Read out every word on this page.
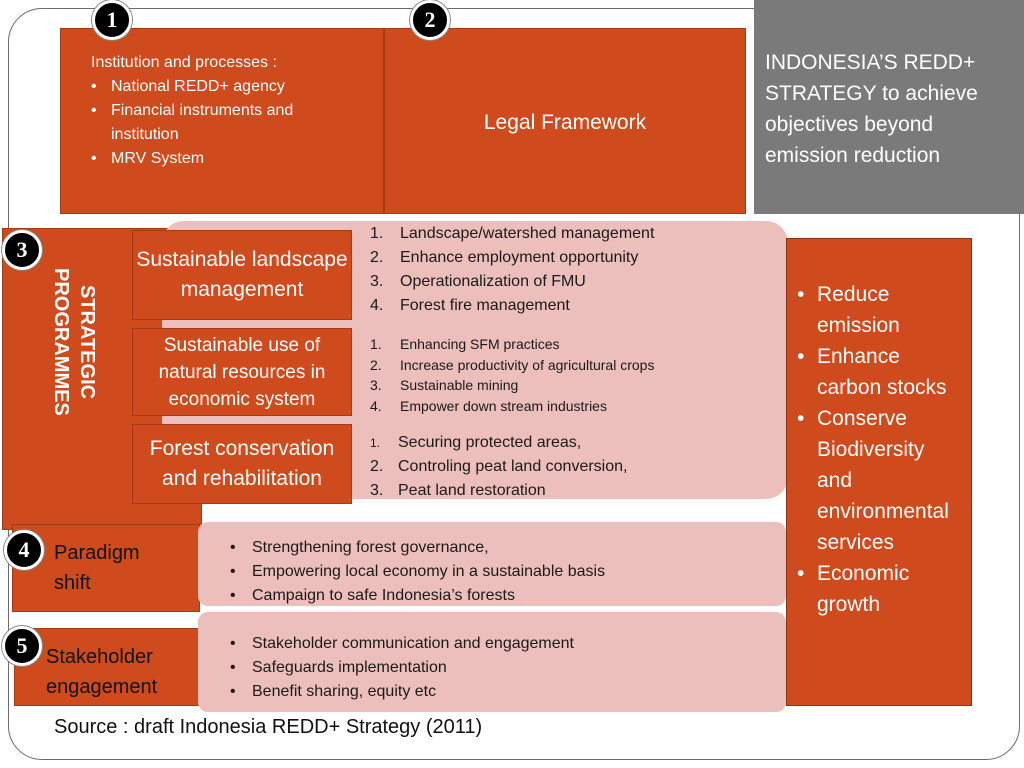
Institution and processes :
• National REDD+ agency
• Financial instruments and institution
• MRV System
Legal Framework
INDONESIA’S REDD+ STRATEGY to achieve objectives beyond emission reduction
STRATEGIC PROGRAMMES
Sustainable landscape management
Sustainable use of natural resources in economic system
Forest conservation and rehabilitation
1. Landscape/watershed management
2. Enhance employment opportunity
3. Operationalization of FMU
4. Forest fire management
1. Enhancing SFM practices
2. Increase productivity of agricultural crops
3. Sustainable mining
4. Empower down stream industries
1. Securing protected areas,
2. Controling peat land conversion,
3. Peat land restoration
• Reduce emission
• Enhance carbon stocks
• Conserve Biodiversity and environmental services
• Economic growth
Paradigm shift
• Strengthening forest governance,
• Empowering local economy in a sustainable basis
• Campaign to safe Indonesia’s forests
Stakeholder engagement
• Stakeholder communication and engagement
• Safeguards implementation
• Benefit sharing, equity etc
1	2
3
4
5
Source : draft Indonesia REDD+ Strategy (2011)
